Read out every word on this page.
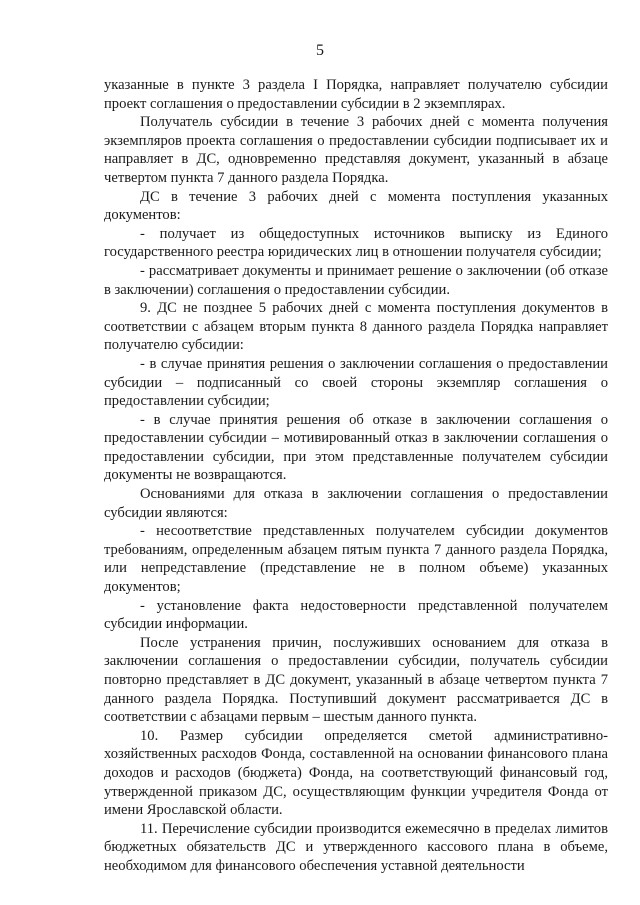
5

указанные в пункте 3 раздела I Порядка, направляет получателю субсидии проект соглашения о предоставлении субсидии в 2 экземплярах.

Получатель субсидии в течение 3 рабочих дней с момента получения экземпляров проекта соглашения о предоставлении субсидии подписывает их и направляет в ДС, одновременно представляя документ, указанный в абзаце четвертом пункта 7 данного раздела Порядка.

ДС в течение 3 рабочих дней с момента поступления указанных документов:

- получает из общедоступных источников выписку из Единого государственного реестра юридических лиц в отношении получателя субсидии;

- рассматривает документы и принимает решение о заключении (об отказе в заключении) соглашения о предоставлении субсидии.

9. ДС не позднее 5 рабочих дней с момента поступления документов в соответствии с абзацем вторым пункта 8 данного раздела Порядка направляет получателю субсидии:

- в случае принятия решения о заключении соглашения о предоставлении субсидии – подписанный со своей стороны экземпляр соглашения о предоставлении субсидии;

- в случае принятия решения об отказе в заключении соглашения о предоставлении субсидии – мотивированный отказ в заключении соглашения о предоставлении субсидии, при этом представленные получателем субсидии документы не возвращаются.

Основаниями для отказа в заключении соглашения о предоставлении субсидии являются:

- несоответствие представленных получателем субсидии документов требованиям, определенным абзацем пятым пункта 7 данного раздела Порядка, или непредставление (представление не в полном объеме) указанных документов;

- установление факта недостоверности представленной получателем субсидии информации.

После устранения причин, послуживших основанием для отказа в заключении соглашения о предоставлении субсидии, получатель субсидии повторно представляет в ДС документ, указанный в абзаце четвертом пункта 7 данного раздела Порядка. Поступивший документ рассматривается ДС в соответствии с абзацами первым – шестым данного пункта.

10. Размер субсидии определяется сметой административно-хозяйственных расходов Фонда, составленной на основании финансового плана доходов и расходов (бюджета) Фонда, на соответствующий финансовый год, утвержденной приказом ДС, осуществляющим функции учредителя Фонда от имени Ярославской области.

11. Перечисление субсидии производится ежемесячно в пределах лимитов бюджетных обязательств ДС и утвержденного кассового плана в объеме, необходимом для финансового обеспечения уставной деятельности
